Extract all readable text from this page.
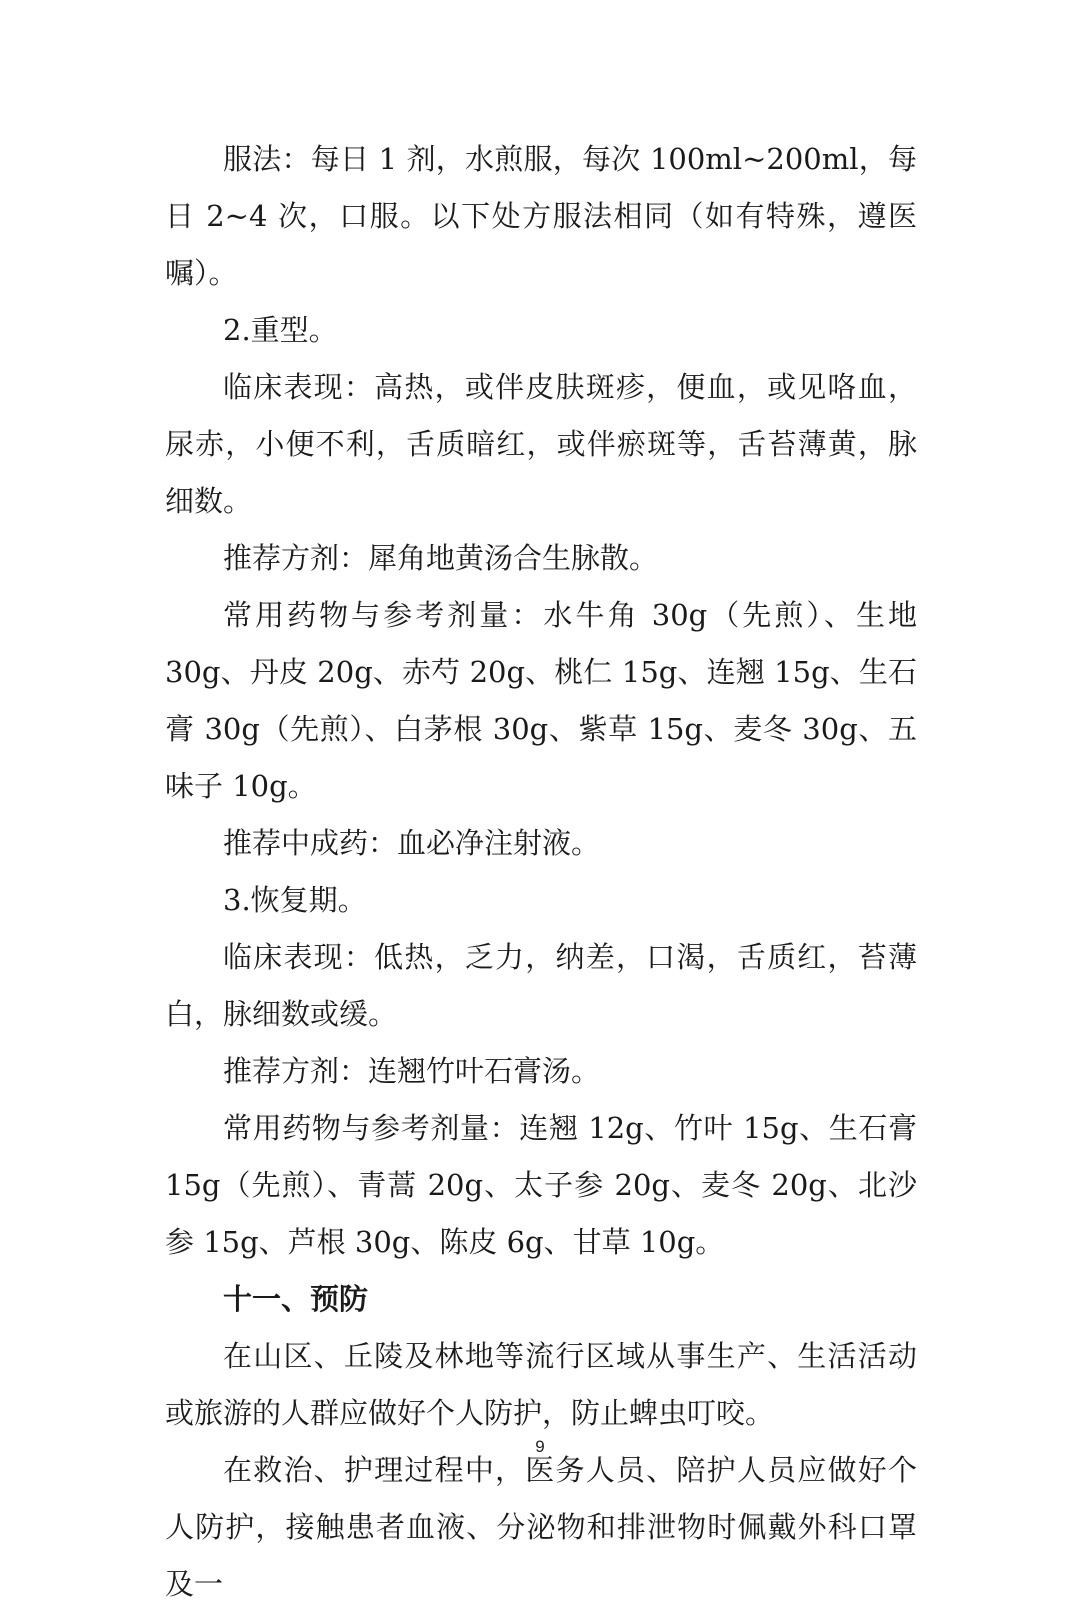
服法：每日 1 剂，水煎服，每次 100ml~200ml，每日 2~4 次，口服。以下处方服法相同（如有特殊，遵医嘱）。

2.重型。

临床表现：高热，或伴皮肤斑疹，便血，或见咯血，尿赤，小便不利，舌质暗红，或伴瘀斑等，舌苔薄黄，脉细数。

推荐方剂：犀角地黄汤合生脉散。

常用药物与参考剂量：水牛角 30g（先煎）、生地 30g、丹皮 20g、赤芍 20g、桃仁 15g、连翘 15g、生石膏 30g（先煎）、白茅根 30g、紫草 15g、麦冬 30g、五味子 10g。

推荐中成药：血必净注射液。

3.恢复期。

临床表现：低热，乏力，纳差，口渴，舌质红，苔薄白，脉细数或缓。

推荐方剂：连翘竹叶石膏汤。

常用药物与参考剂量：连翘 12g、竹叶 15g、生石膏 15g（先煎）、青蒿 20g、太子参 20g、麦冬 20g、北沙参 15g、芦根 30g、陈皮 6g、甘草 10g。

十一、预防

在山区、丘陵及林地等流行区域从事生产、生活活动或旅游的人群应做好个人防护，防止蜱虫叮咬。

在救治、护理过程中，医务人员、陪护人员应做好个人防护，接触患者血液、分泌物和排泄物时佩戴外科口罩及一

9
